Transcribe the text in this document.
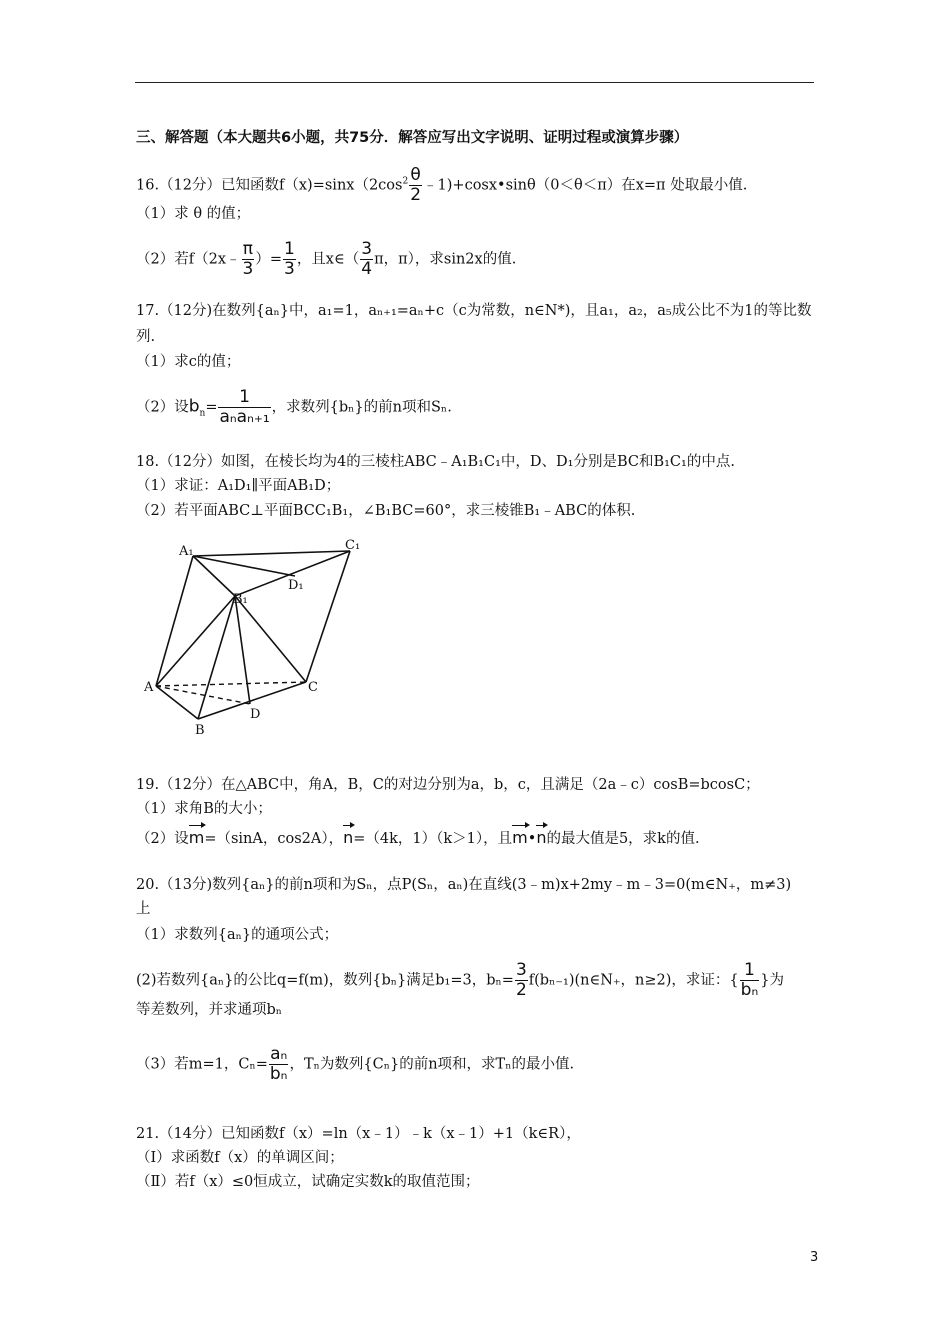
三、解答题（本大题共6小题，共75分．解答应写出文字说明、证明过程或演算步骤）
16.（12分）已知函数$f(x)=\sin x(2\cos^2 \frac{\theta}{2}$ ﹣1)+cosx•sinθ（0＜θ＜π）在x=π 处取最小值.
（1）求 θ 的值；
（2）若f（2x﹣ $\frac{\pi}{3}$ ）= $\frac{1}{3}$ ，且x∈（ $\frac{3}{4}$ π，π），求sin2x的值.
17.（12分)在数列{aₙ}中，a₁=1，aₙ₊₁=aₙ+c（c为常数，n∈N*)，且a₁，a₂，a₅成公比不为1的等比数
列.
（1）求c的值；
（2）设$b_n= \frac{1}{\text{aₙaₙ₊₁}}$ ，求数列{bₙ}的前n项和Sₙ.
18.（12分）如图，在棱长均为4的三棱柱ABC﹣A₁B₁C₁中，D、D₁分别是BC和B₁C₁的中点.
（1）求证：A₁D₁∥平面AB₁D；
（2）若平面ABC⊥平面BCC₁B₁，∠B₁BC=60°，求三棱锥B₁﹣ABC的体积.
A₁	C₁
D₁
B₁
A	C
D
B
19.（12分）在△ABC中，角A，B，C的对边分别为a，b，c，且满足（2a﹣c）cosB=bcosC；
（1）求角B的大小；
（2）设m=（sinA，cos2A），n=（4k，1）（k＞1），且m•n的最大值是5，求k的值.
20.（13分)数列{aₙ}的前n项和为Sₙ，点P(Sₙ，aₙ)在直线(3﹣m)x+2my﹣m﹣3=0(m∈N₊，m≠3)
上
（1）求数列{aₙ}的通项公式；
(2)若数列{aₙ}的公比q=f(m)，数列{bₙ}满足b₁=3，$b_n= \frac{3}{2}$ f(bₙ₋₁)(n∈N₊，n≥2)，求证：{ $\frac{1}{\text{bₙ}}$ }为
等差数列，并求通项bₙ
（3）若m=1，$C_n= \frac{\text{aₙ}}{\text{bₙ}}$ ，Tₙ为数列{Cₙ}的前n项和，求Tₙ的最小值.
21.（14分）已知函数f（x）=ln（x﹣1）﹣k（x﹣1）+1（k∈R），
（Ⅰ）求函数f（x）的单调区间；
（Ⅱ）若f（x）≤0恒成立，试确定实数k的取值范围；
3
